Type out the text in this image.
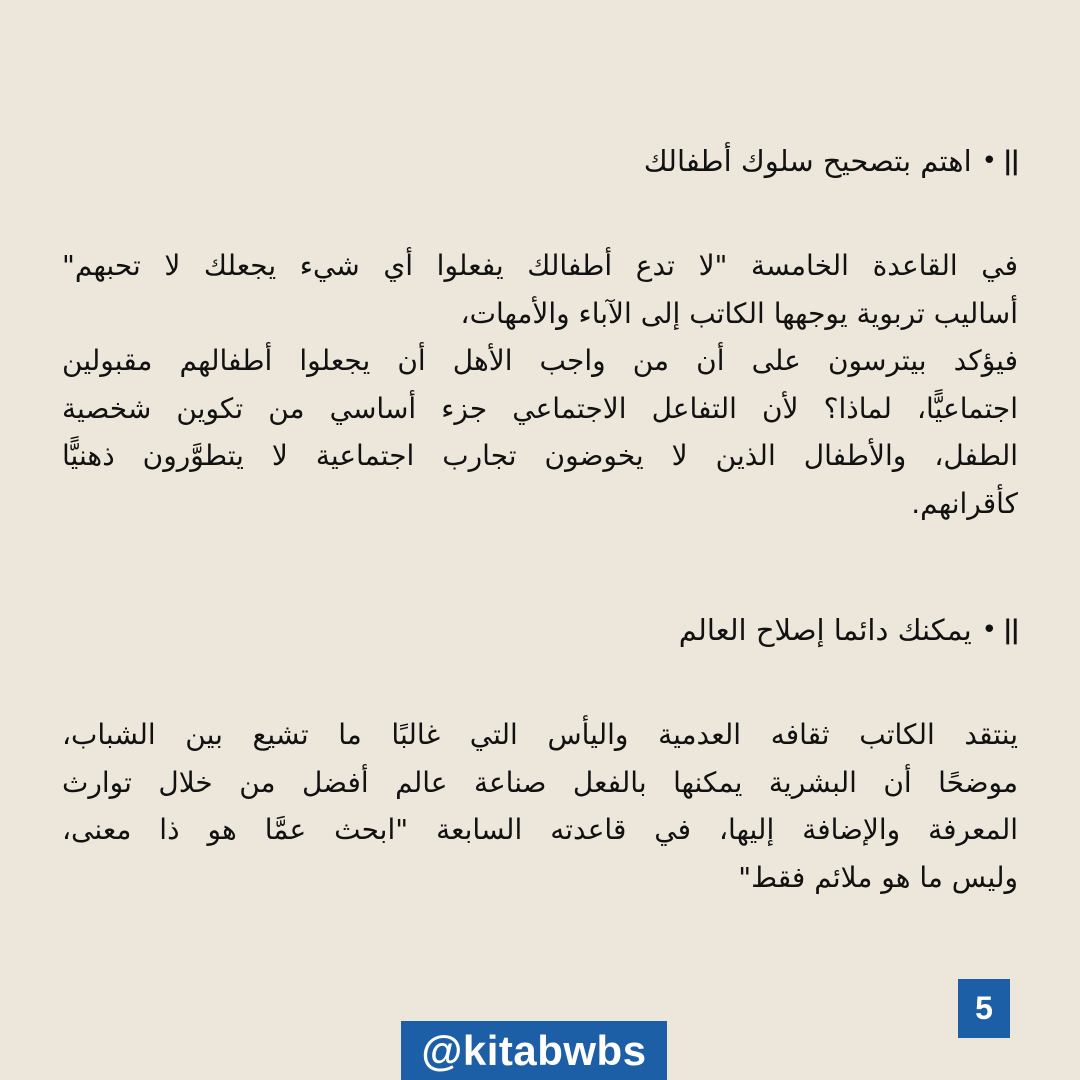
||
•
اهتم بتصحيح سلوك أطفالك
في القاعدة الخامسة "لا تدع أطفالك يفعلوا أي شيء يجعلك لا تحبهم"
أساليب تربوية يوجهها الكاتب إلى الآباء والأمهات،
فيؤكد بيترسون على أن من واجب الأهل أن يجعلوا أطفالهم مقبولين
اجتماعيًّا، لماذا؟ لأن التفاعل الاجتماعي جزء أساسي من تكوين شخصية
الطفل، والأطفال الذين لا يخوضون تجارب اجتماعية لا يتطوَّرون ذهنيًّا
كأقرانهم.
||
•
يمكنك دائما إصلاح العالم
ينتقد الكاتب ثقافه العدمية واليأس التي غالبًا ما تشيع بين الشباب،
موضحًا أن البشرية يمكنها بالفعل صناعة عالم أفضل من خلال توارث
المعرفة والإضافة إليها، في قاعدته السابعة "ابحث عمَّا هو ذا معنى،
وليس ما هو ملائم فقط"
5
@kitabwbs
